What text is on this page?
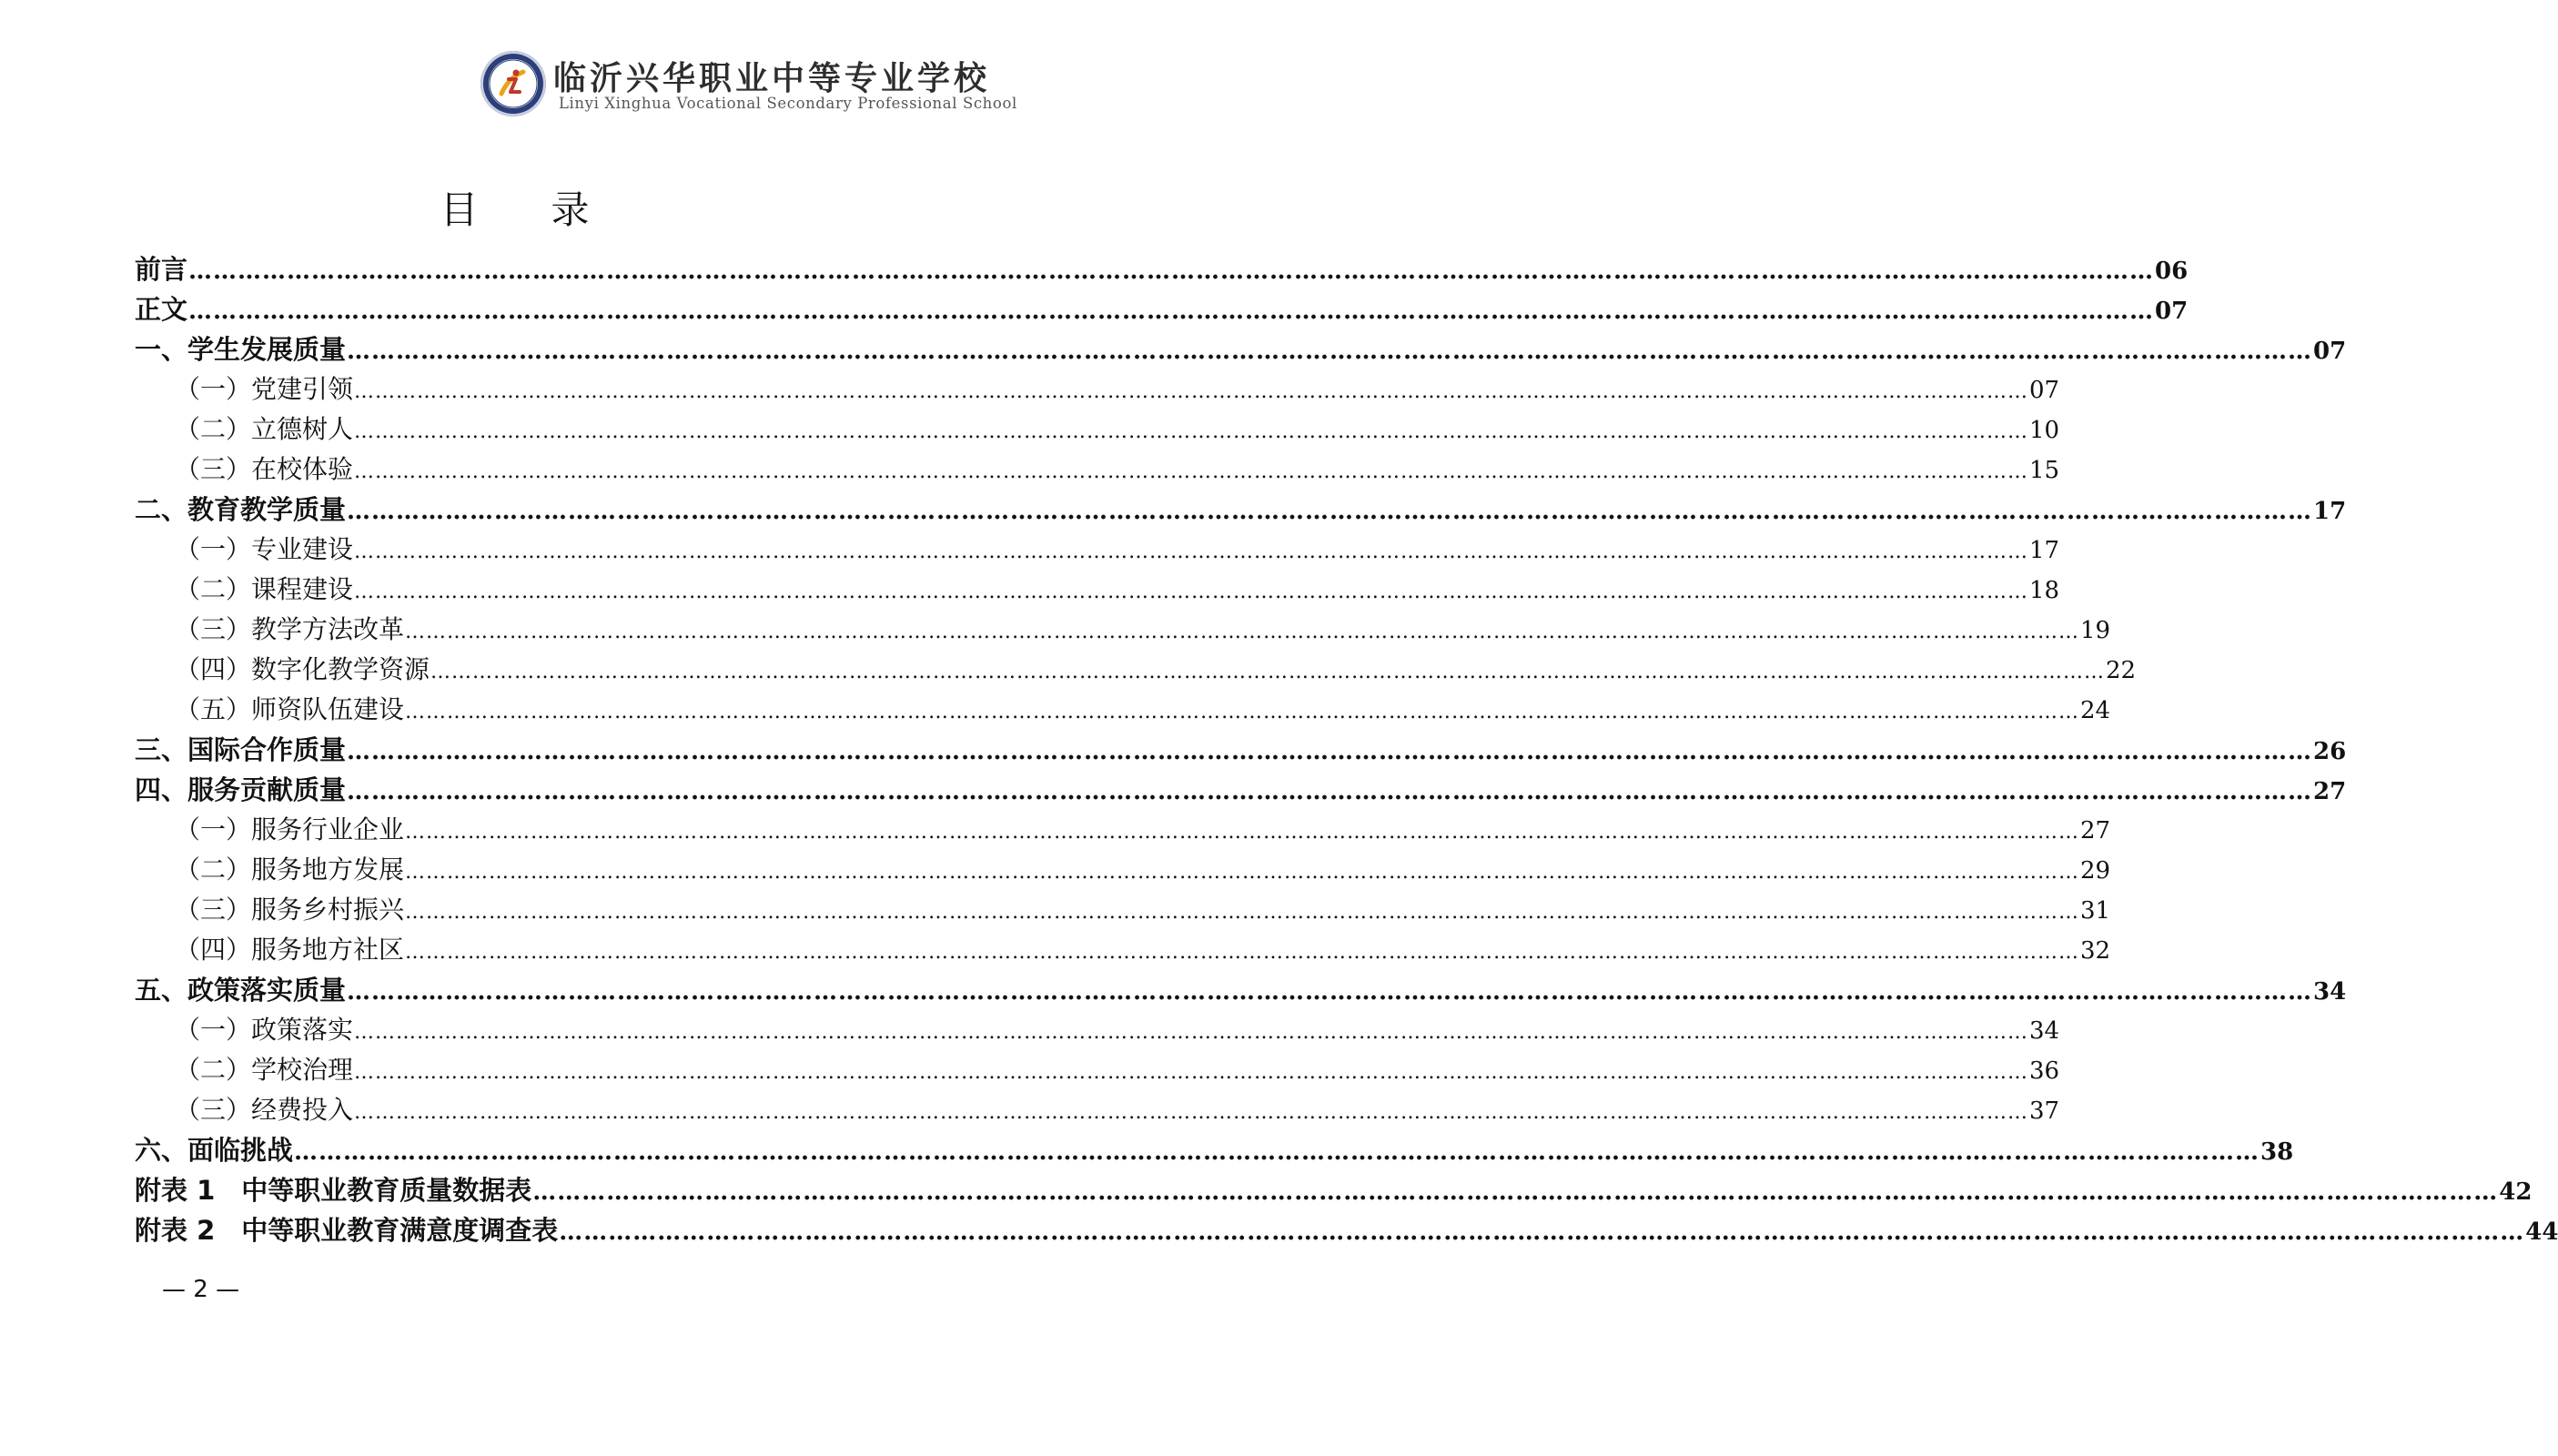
临沂兴华职业中等专业学校
Linyi Xinghua Vocational Secondary Professional School
目录
前言 …………………………………………………………………………………………………………………………………………………………………………………………………………………… 06
正文 …………………………………………………………………………………………………………………………………………………………………………………………………………………… 07
一、学生发展质量 …………………………………………………………………………………………………………………………………………………………………………………………………………………… 07
（一）党建引领 …………………………………………………………………………………………………………………………………………………………………………………………………………………… 07
（二）立德树人 …………………………………………………………………………………………………………………………………………………………………………………………………………………… 10
（三）在校体验 …………………………………………………………………………………………………………………………………………………………………………………………………………………… 15
二、教育教学质量 …………………………………………………………………………………………………………………………………………………………………………………………………………………… 17
（一）专业建设 …………………………………………………………………………………………………………………………………………………………………………………………………………………… 17
（二）课程建设 …………………………………………………………………………………………………………………………………………………………………………………………………………………… 18
（三）教学方法改革 …………………………………………………………………………………………………………………………………………………………………………………………………………………… 19
（四）数字化教学资源 …………………………………………………………………………………………………………………………………………………………………………………………………………………… 22
（五）师资队伍建设 …………………………………………………………………………………………………………………………………………………………………………………………………………………… 24
三、国际合作质量 …………………………………………………………………………………………………………………………………………………………………………………………………………………… 26
四、服务贡献质量 …………………………………………………………………………………………………………………………………………………………………………………………………………………… 27
（一）服务行业企业 …………………………………………………………………………………………………………………………………………………………………………………………………………………… 27
（二）服务地方发展 …………………………………………………………………………………………………………………………………………………………………………………………………………………… 29
（三）服务乡村振兴 …………………………………………………………………………………………………………………………………………………………………………………………………………………… 31
（四）服务地方社区 …………………………………………………………………………………………………………………………………………………………………………………………………………………… 32
五、政策落实质量 …………………………………………………………………………………………………………………………………………………………………………………………………………………… 34
（一）政策落实 …………………………………………………………………………………………………………………………………………………………………………………………………………………… 34
（二）学校治理 …………………………………………………………………………………………………………………………………………………………………………………………………………………… 36
（三）经费投入 …………………………………………………………………………………………………………………………………………………………………………………………………………………… 37
六、面临挑战 …………………………………………………………………………………………………………………………………………………………………………………………………………………… 38
附表 1　中等职业教育质量数据表 …………………………………………………………………………………………………………………………………………………………………………………………………………………… 42
附表 2　中等职业教育满意度调查表 …………………………………………………………………………………………………………………………………………………………………………………………………………………… 44
— 2 —
